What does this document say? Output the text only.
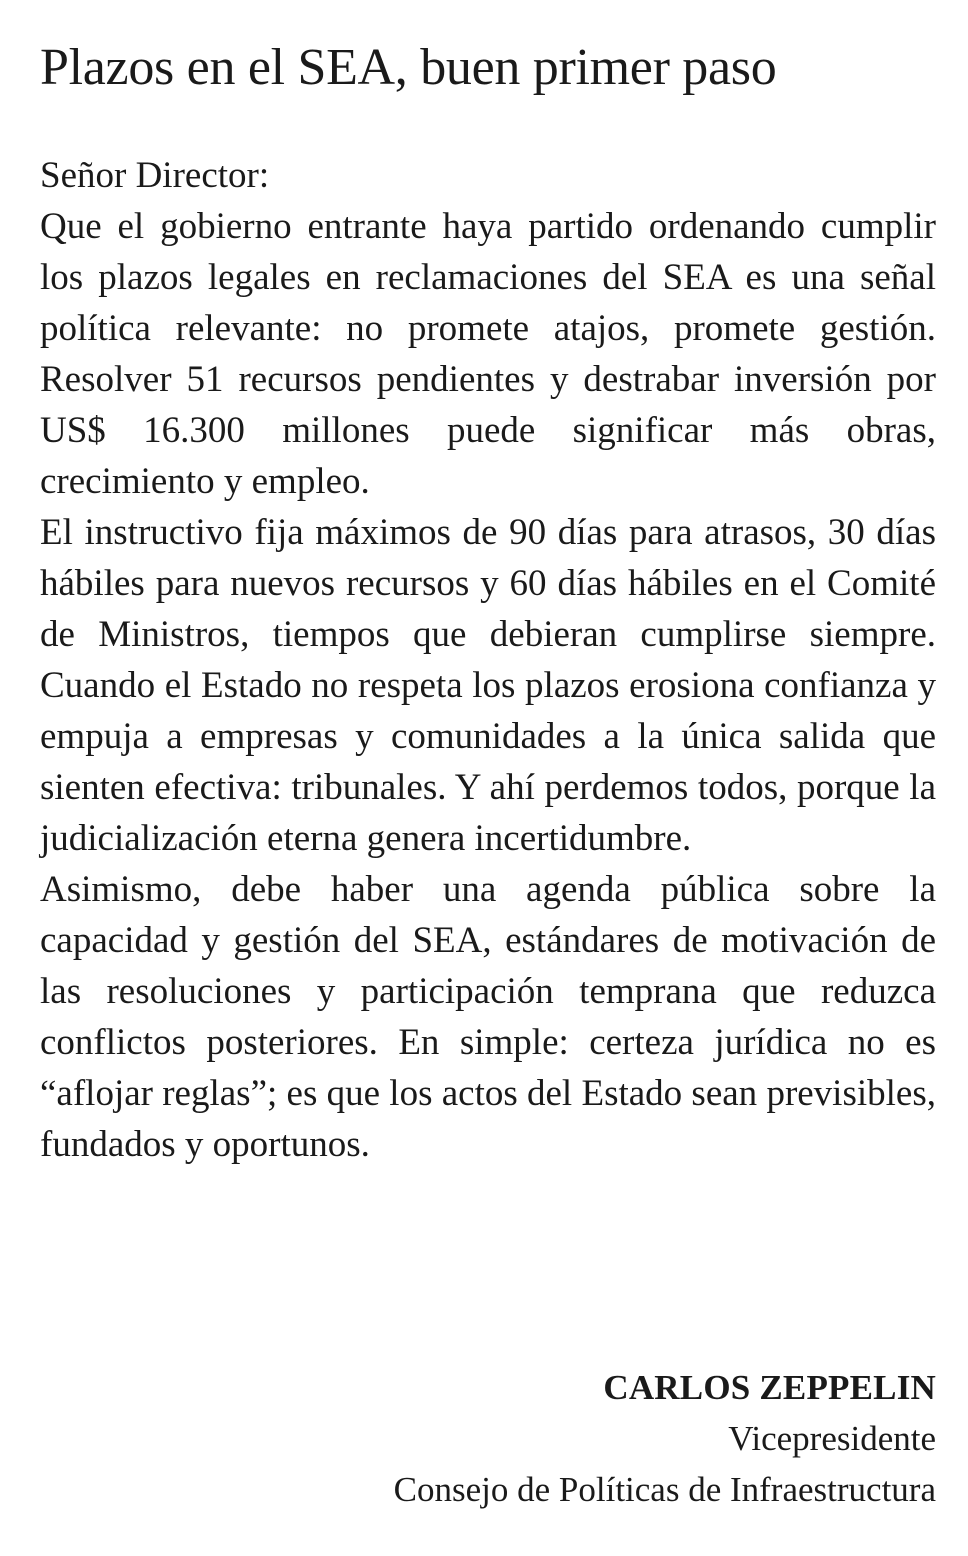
Plazos en el SEA, buen primer paso

Señor Director:

Que el gobierno entrante haya partido ordenando cumplir los plazos legales en reclamaciones del SEA es una señal política relevante: no promete atajos, promete gestión. Resolver 51 recursos pendientes y destrabar inversión por US$ 16.300 millones puede significar más obras, crecimiento y empleo.

El instructivo fija máximos de 90 días para atrasos, 30 días hábiles para nuevos recursos y 60 días hábiles en el Comité de Ministros, tiempos que debieran cumplirse siempre. Cuando el Estado no respeta los plazos erosiona confianza y empuja a empresas y comunidades a la única salida que sienten efectiva: tribunales. Y ahí perdemos todos, porque la judicialización eterna genera incertidumbre.

Asimismo, debe haber una agenda pública sobre la capacidad y gestión del SEA, estándares de motivación de las resoluciones y participación temprana que reduzca conflictos posteriores. En simple: certeza jurídica no es “aflojar reglas”; es que los actos del Estado sean previsibles, fundados y oportunos.

CARLOS ZEPPELIN
Vicepresidente
Consejo de Políticas de Infraestructura
